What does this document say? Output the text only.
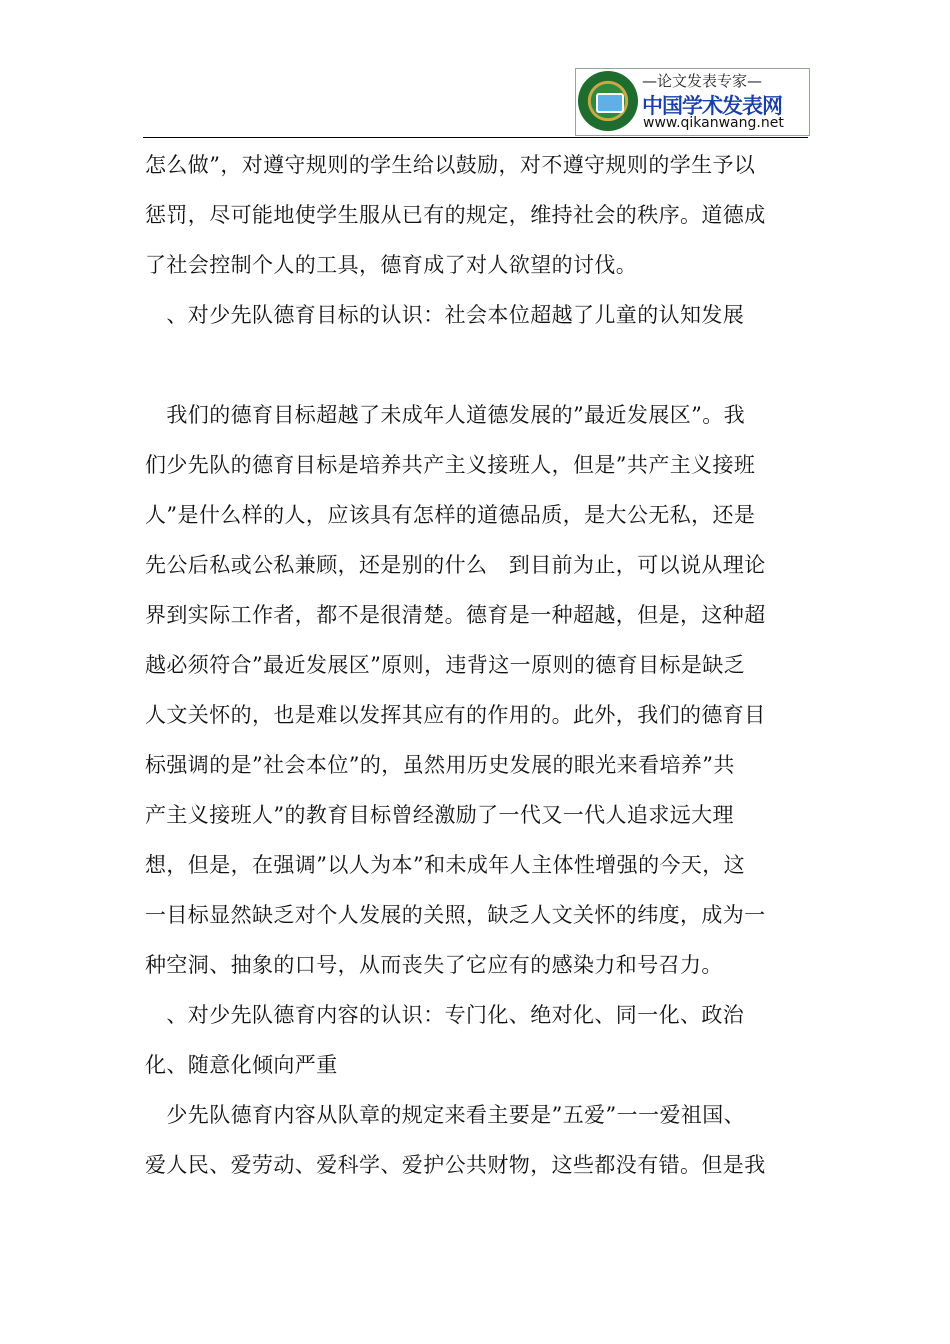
—论文发表专家—
中国学术发表网
www.qikanwang.net
怎么做”，对遵守规则的学生给以鼓励，对不遵守规则的学生予以
惩罚，尽可能地使学生服从已有的规定，维持社会的秩序。道德成
了社会控制个人的工具，德育成了对人欲望的讨伐。
　、对少先队德育目标的认识：社会本位超越了儿童的认知发展
　我们的德育目标超越了未成年人道德发展的”最近发展区”。我
们少先队的德育目标是培养共产主义接班人，但是”共产主义接班
人”是什么样的人，应该具有怎样的道德品质，是大公无私，还是
先公后私或公私兼顾，还是别的什么　到目前为止，可以说从理论
界到实际工作者，都不是很清楚。德育是一种超越，但是，这种超
越必须符合”最近发展区”原则，违背这一原则的德育目标是缺乏
人文关怀的，也是难以发挥其应有的作用的。此外，我们的德育目
标强调的是”社会本位”的，虽然用历史发展的眼光来看培养”共
产主义接班人”的教育目标曾经激励了一代又一代人追求远大理
想，但是，在强调”以人为本”和未成年人主体性增强的今天，这
一目标显然缺乏对个人发展的关照，缺乏人文关怀的纬度，成为一
种空洞、抽象的口号，从而丧失了它应有的感染力和号召力。
　、对少先队德育内容的认识：专门化、绝对化、同一化、政治
化、随意化倾向严重
　少先队德育内容从队章的规定来看主要是”五爱”一一爱祖国、
爱人民、爱劳动、爱科学、爱护公共财物，这些都没有错。但是我
